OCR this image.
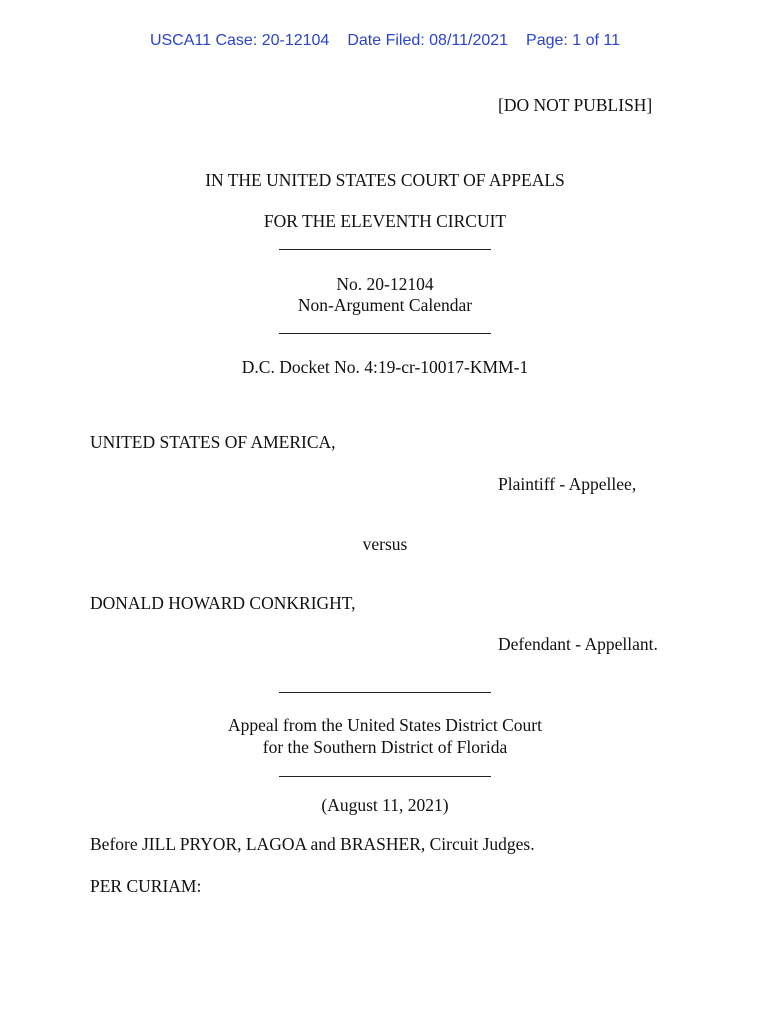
USCA11 Case: 20-12104 Date Filed: 08/11/2021 Page: 1 of 11
[DO NOT PUBLISH]
IN THE UNITED STATES COURT OF APPEALS
FOR THE ELEVENTH CIRCUIT
No. 20-12104
Non-Argument Calendar
D.C. Docket No. 4:19-cr-10017-KMM-1
UNITED STATES OF AMERICA,
Plaintiff - Appellee,
versus
DONALD HOWARD CONKRIGHT,
Defendant - Appellant.
Appeal from the United States District Court
for the Southern District of Florida
(August 11, 2021)
Before JILL PRYOR, LAGOA and BRASHER, Circuit Judges.
PER CURIAM:
